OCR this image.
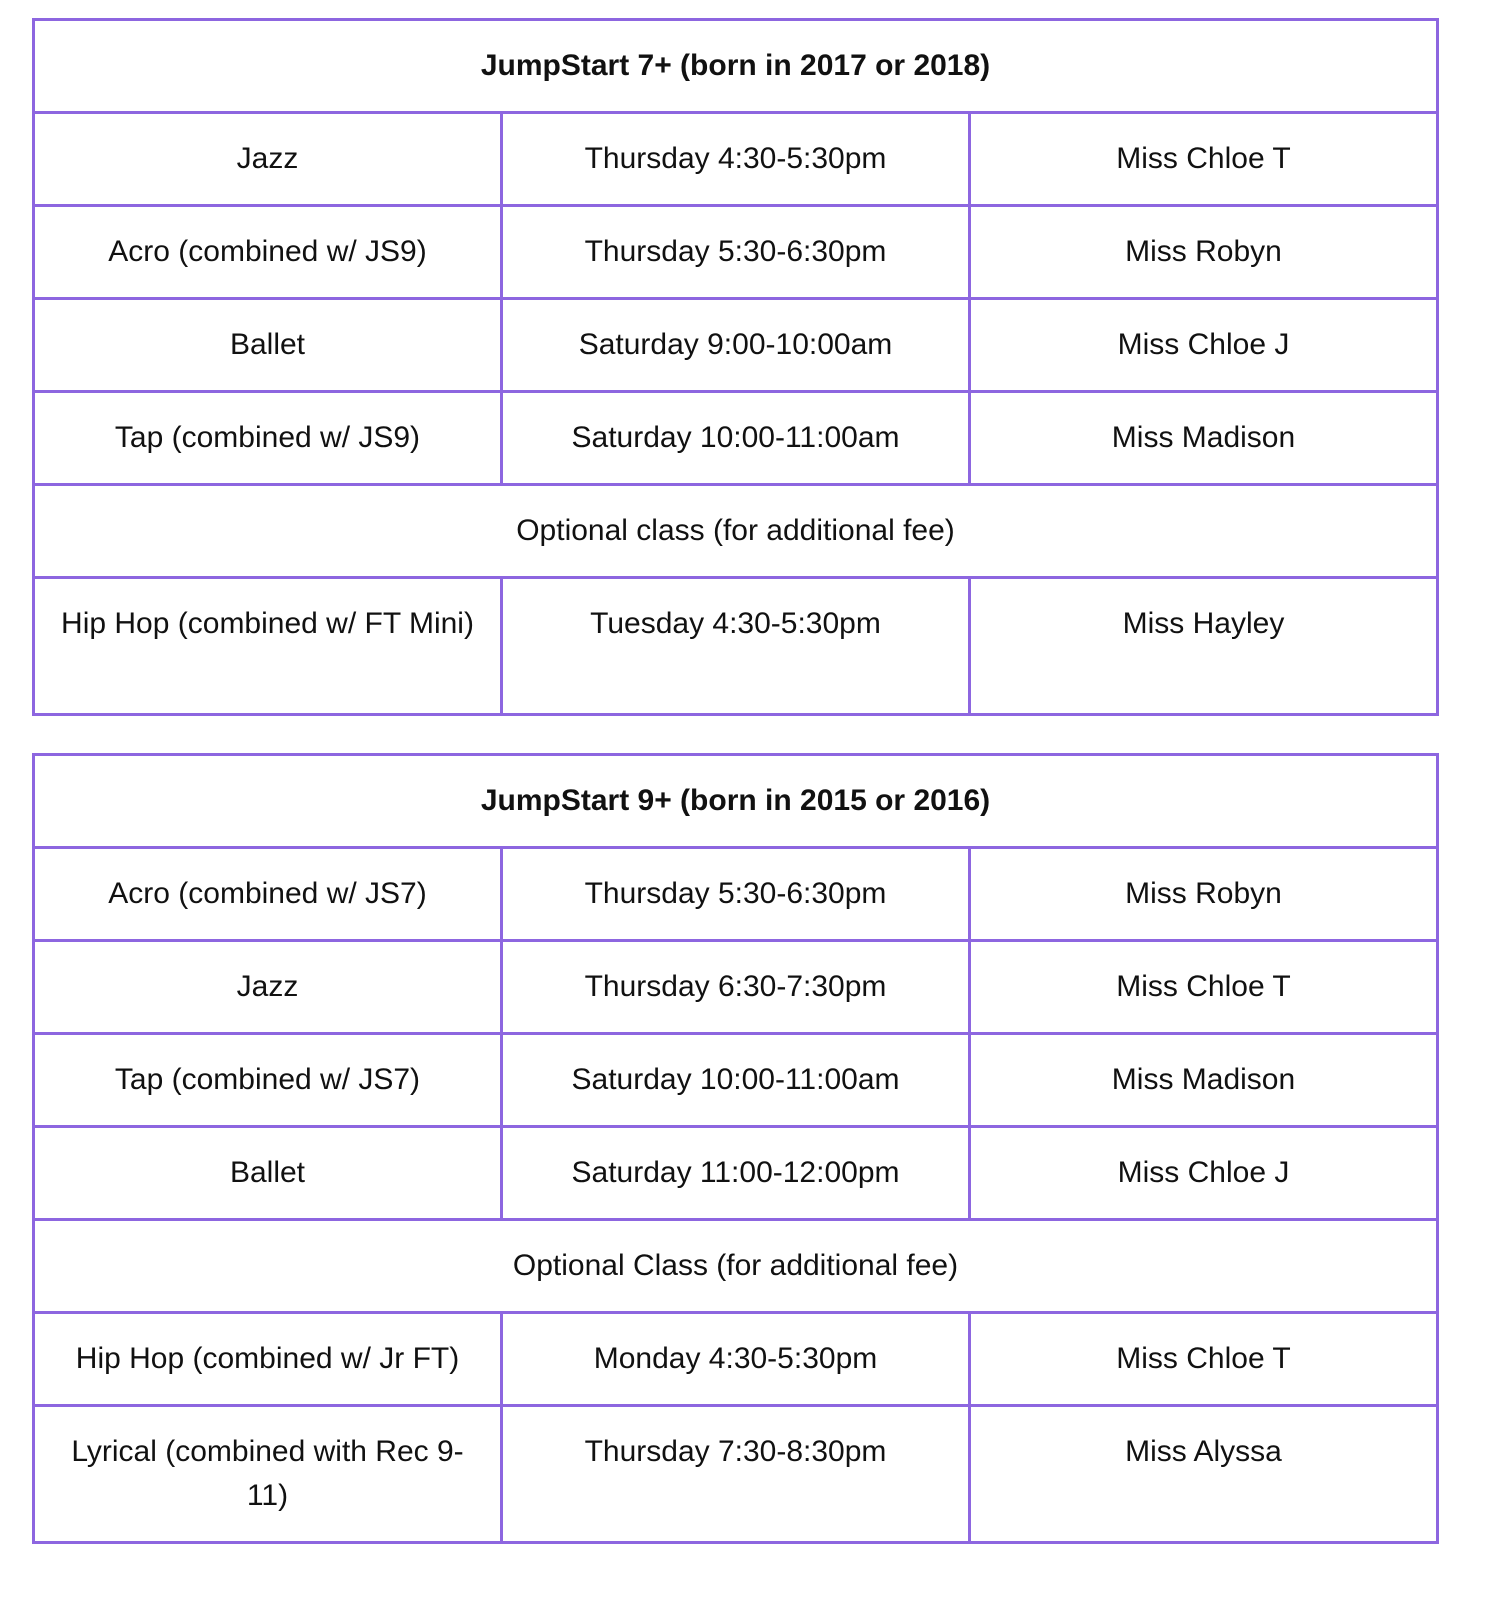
JumpStart 7+ (born in 2017 or 2018)		
Jazz	Thursday 4:30-5:30pm	Miss Chloe T
Acro (combined w/ JS9)	Thursday 5:30-6:30pm	Miss Robyn
Ballet	Saturday 9:00-10:00am	Miss Chloe J
Tap (combined w/ JS9)	Saturday 10:00-11:00am	Miss Madison
Optional class (for additional fee)		
Hip Hop (combined w/ FT Mini)	Tuesday 4:30-5:30pm	Miss Hayley
JumpStart 9+ (born in 2015 or 2016)		
Acro (combined w/ JS7)	Thursday 5:30-6:30pm	Miss Robyn
Jazz	Thursday 6:30-7:30pm	Miss Chloe T
Tap (combined w/ JS7)	Saturday 10:00-11:00am	Miss Madison
Ballet	Saturday 11:00-12:00pm	Miss Chloe J
Optional Class (for additional fee)		
Hip Hop (combined w/ Jr FT)	Monday 4:30-5:30pm	Miss Chloe T
Lyrical (combined with Rec 9-11)	Thursday 7:30-8:30pm	Miss Alyssa
